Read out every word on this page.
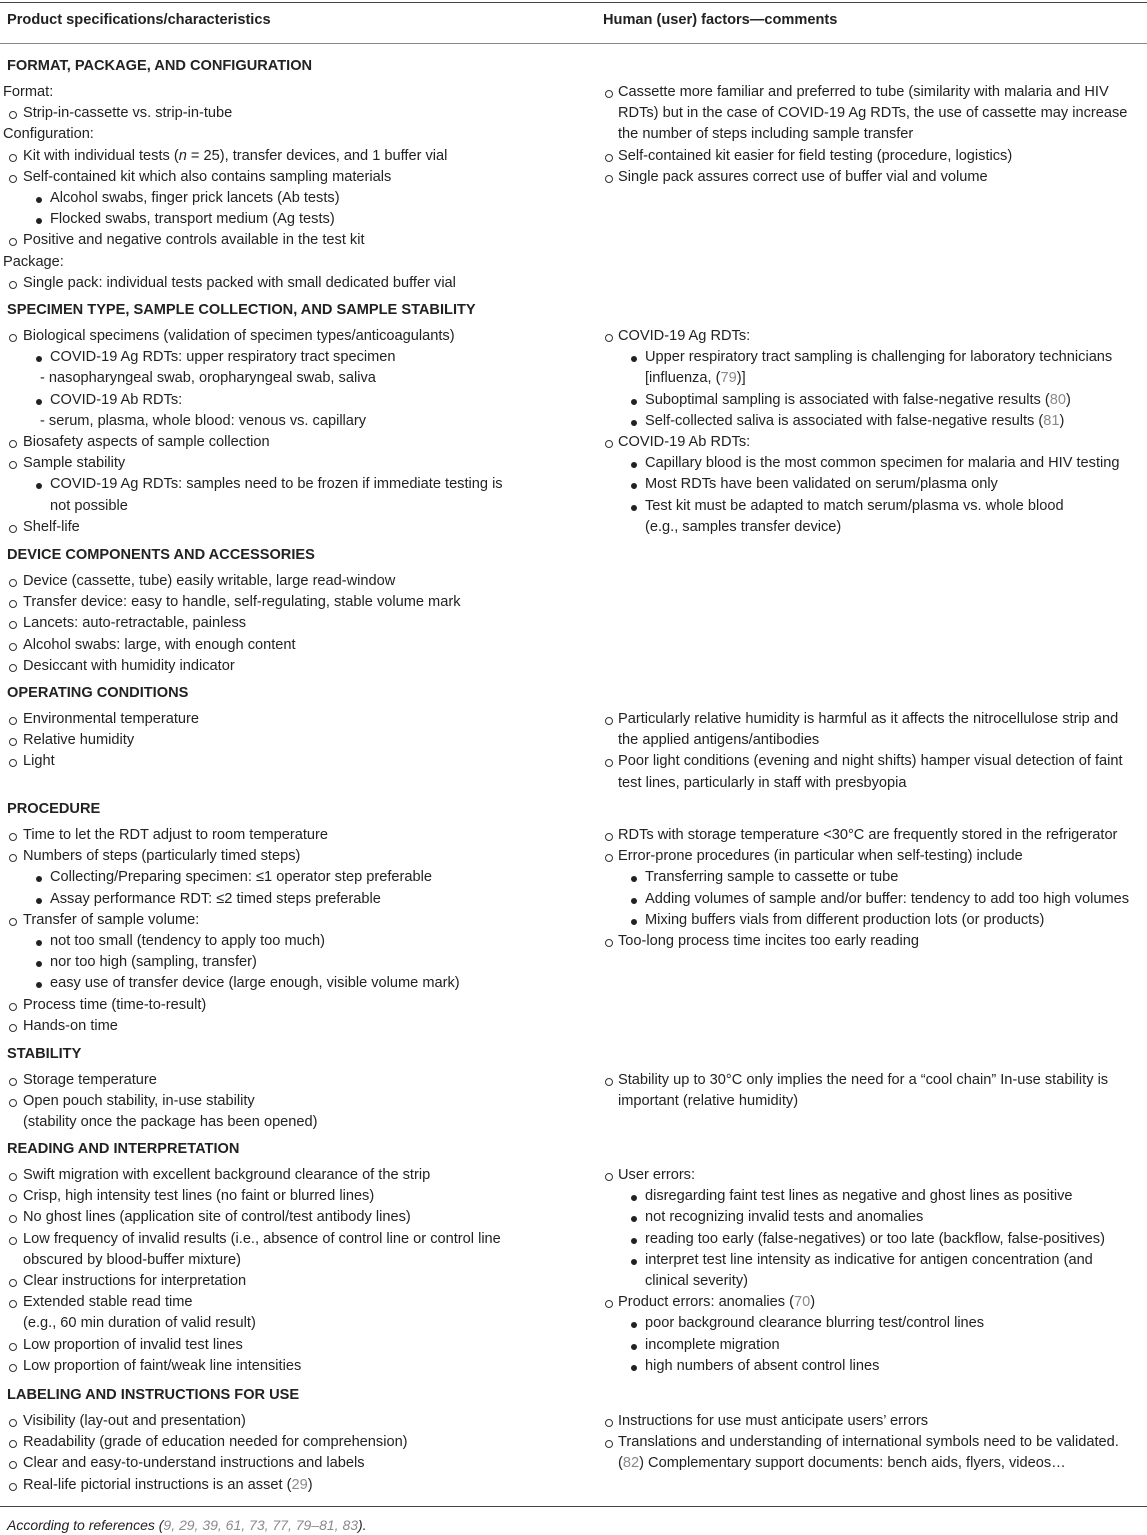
Product specifications/characteristics	Human (user) factors—comments
FORMAT, PACKAGE, AND CONFIGURATION
Format:
Strip-in-cassette vs. strip-in-tube
Configuration:
Kit with individual tests (n = 25), transfer devices, and 1 buffer vial
Self-contained kit which also contains sampling materials
Alcohol swabs, finger prick lancets (Ab tests)
Flocked swabs, transport medium (Ag tests)
Positive and negative controls available in the test kit
Package:
Single pack: individual tests packed with small dedicated buffer vial
Cassette more familiar and preferred to tube (similarity with malaria and HIV
RDTs) but in the case of COVID-19 Ag RDTs, the use of cassette may increase
the number of steps including sample transfer
Self-contained kit easier for field testing (procedure, logistics)
Single pack assures correct use of buffer vial and volume
SPECIMEN TYPE, SAMPLE COLLECTION, AND SAMPLE STABILITY
Biological specimens (validation of specimen types/anticoagulants)
COVID-19 Ag RDTs: upper respiratory tract specimen
- nasopharyngeal swab, oropharyngeal swab, saliva
COVID-19 Ab RDTs:
- serum, plasma, whole blood: venous vs. capillary
Biosafety aspects of sample collection
Sample stability
COVID-19 Ag RDTs: samples need to be frozen if immediate testing is
not possible
Shelf-life
COVID-19 Ag RDTs:
Upper respiratory tract sampling is challenging for laboratory technicians
[influenza, (79)]
Suboptimal sampling is associated with false-negative results (80)
Self-collected saliva is associated with false-negative results (81)
COVID-19 Ab RDTs:
Capillary blood is the most common specimen for malaria and HIV testing
Most RDTs have been validated on serum/plasma only
Test kit must be adapted to match serum/plasma vs. whole blood
(e.g., samples transfer device)
DEVICE COMPONENTS AND ACCESSORIES
Device (cassette, tube) easily writable, large read-window
Transfer device: easy to handle, self-regulating, stable volume mark
Lancets: auto-retractable, painless
Alcohol swabs: large, with enough content
Desiccant with humidity indicator
OPERATING CONDITIONS
Environmental temperature
Relative humidity
Light
Particularly relative humidity is harmful as it affects the nitrocellulose strip and
the applied antigens/antibodies
Poor light conditions (evening and night shifts) hamper visual detection of faint
test lines, particularly in staff with presbyopia
PROCEDURE
Time to let the RDT adjust to room temperature
Numbers of steps (particularly timed steps)
Collecting/Preparing specimen: ≤1 operator step preferable
Assay performance RDT: ≤2 timed steps preferable
Transfer of sample volume:
not too small (tendency to apply too much)
nor too high (sampling, transfer)
easy use of transfer device (large enough, visible volume mark)
Process time (time-to-result)
Hands-on time
RDTs with storage temperature <30°C are frequently stored in the refrigerator
Error-prone procedures (in particular when self-testing) include
Transferring sample to cassette or tube
Adding volumes of sample and/or buffer: tendency to add too high volumes
Mixing buffers vials from different production lots (or products)
Too-long process time incites too early reading
STABILITY
Storage temperature
Open pouch stability, in-use stability
(stability once the package has been opened)
Stability up to 30°C only implies the need for a “cool chain” In-use stability is
important (relative humidity)
READING AND INTERPRETATION
Swift migration with excellent background clearance of the strip
Crisp, high intensity test lines (no faint or blurred lines)
No ghost lines (application site of control/test antibody lines)
Low frequency of invalid results (i.e., absence of control line or control line
obscured by blood-buffer mixture)
Clear instructions for interpretation
Extended stable read time
(e.g., 60 min duration of valid result)
Low proportion of invalid test lines
Low proportion of faint/weak line intensities
User errors:
disregarding faint test lines as negative and ghost lines as positive
not recognizing invalid tests and anomalies
reading too early (false-negatives) or too late (backflow, false-positives)
interpret test line intensity as indicative for antigen concentration (and
clinical severity)
Product errors: anomalies (70)
poor background clearance blurring test/control lines
incomplete migration
high numbers of absent control lines
LABELING AND INSTRUCTIONS FOR USE
Visibility (lay-out and presentation)
Readability (grade of education needed for comprehension)
Clear and easy-to-understand instructions and labels
Real-life pictorial instructions is an asset (29)
Instructions for use must anticipate users’ errors
Translations and understanding of international symbols need to be validated.
(82) Complementary support documents: bench aids, flyers, videos…
According to references (9, 29, 39, 61, 73, 77, 79–81, 83).
